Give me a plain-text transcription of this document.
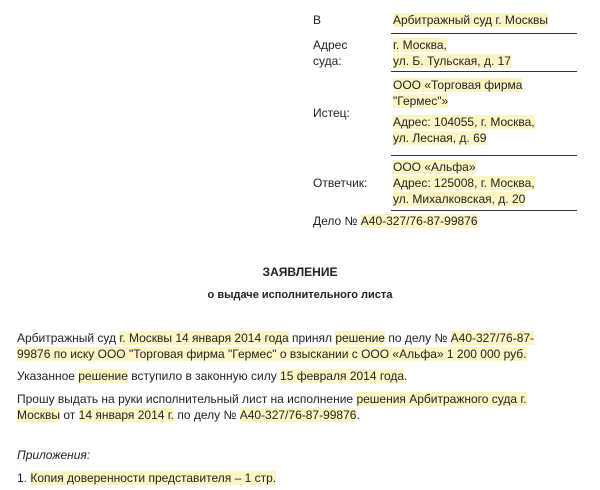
В	Арбитражный суд г. Москвы
Адрес
суда:
г. Москва,
ул. Б. Тульская, д. 17
ООО «Торговая фирма
"Гермес"»
Истец:
Адрес: 104055, г. Москва,
ул. Лесная, д. 69
ООО «Альфа»
Ответчик: Адрес: 125008, г. Москва,
ул. Михалковская, д. 20
Дело № А40-327/76-87-99876
ЗАЯВЛЕНИЕ
о выдаче исполнительного листа
Арбитражный суд г. Москвы 14 января 2014 года принял решение по делу № А40-327/76-87-
99876 по иску ООО "Торговая фирма "Гермес" о взыскании с ООО «Альфа» 1 200 000 руб.
Указанное решение вступило в законную силу 15 февраля 2014 года.
Прошу выдать на руки исполнительный лист на исполнение решения Арбитражного суда г.
Москвы от 14 января 2014 г. по делу № А40-327/76-87-99876.
Приложения:
1. Копия доверенности представителя – 1 стр.
